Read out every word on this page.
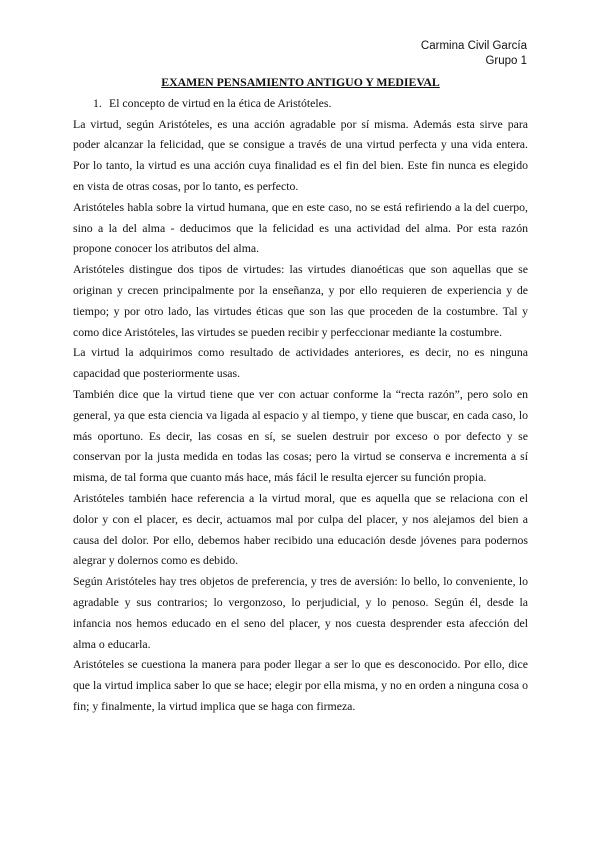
Carmina Civil García
Grupo 1
EXAMEN PENSAMIENTO ANTIGUO Y MEDIEVAL

1. El concepto de virtud en la ética de Aristóteles.

La virtud, según Aristóteles, es una acción agradable por sí misma. Además esta sirve para poder alcanzar la felicidad, que se consigue a través de una virtud perfecta y una vida entera. Por lo tanto, la virtud es una acción cuya finalidad es el fin del bien. Este fin nunca es elegido en vista de otras cosas, por lo tanto, es perfecto.

Aristóteles habla sobre la virtud humana, que en este caso, no se está refiriendo a la del cuerpo, sino a la del alma - deducimos que la felicidad es una actividad del alma. Por esta razón propone conocer los atributos del alma.

Aristóteles distingue dos tipos de virtudes: las virtudes dianoéticas que son aquellas que se originan y crecen principalmente por la enseñanza, y por ello requieren de experiencia y de tiempo; y por otro lado, las virtudes éticas que son las que proceden de la costumbre. Tal y como dice Aristóteles, las virtudes se pueden recibir y perfeccionar mediante la costumbre.

La virtud la adquirimos como resultado de actividades anteriores, es decir, no es ninguna capacidad que posteriormente usas.

También dice que la virtud tiene que ver con actuar conforme la “recta razón”, pero solo en general, ya que esta ciencia va ligada al espacio y al tiempo, y tiene que buscar, en cada caso, lo más oportuno. Es decir, las cosas en sí, se suelen destruir por exceso o por defecto y se conservan por la justa medida en todas las cosas; pero la virtud se conserva e incrementa a sí misma, de tal forma que cuanto más hace, más fácil le resulta ejercer su función propia.

Aristóteles también hace referencia a la virtud moral, que es aquella que se relaciona con el dolor y con el placer, es decir, actuamos mal por culpa del placer, y nos alejamos del bien a causa del dolor. Por ello, debemos haber recibido una educación desde jóvenes para podernos alegrar y dolernos como es debido.

Según Aristóteles hay tres objetos de preferencia, y tres de aversión: lo bello, lo conveniente, lo agradable y sus contrarios; lo vergonzoso, lo perjudicial, y lo penoso. Según él, desde la infancia nos hemos educado en el seno del placer, y nos cuesta desprender esta afección del alma o educarla.

Aristóteles se cuestiona la manera para poder llegar a ser lo que es desconocido. Por ello, dice que la virtud implica saber lo que se hace; elegir por ella misma, y no en orden a ninguna cosa o fin; y finalmente, la virtud implica que se haga con firmeza.
